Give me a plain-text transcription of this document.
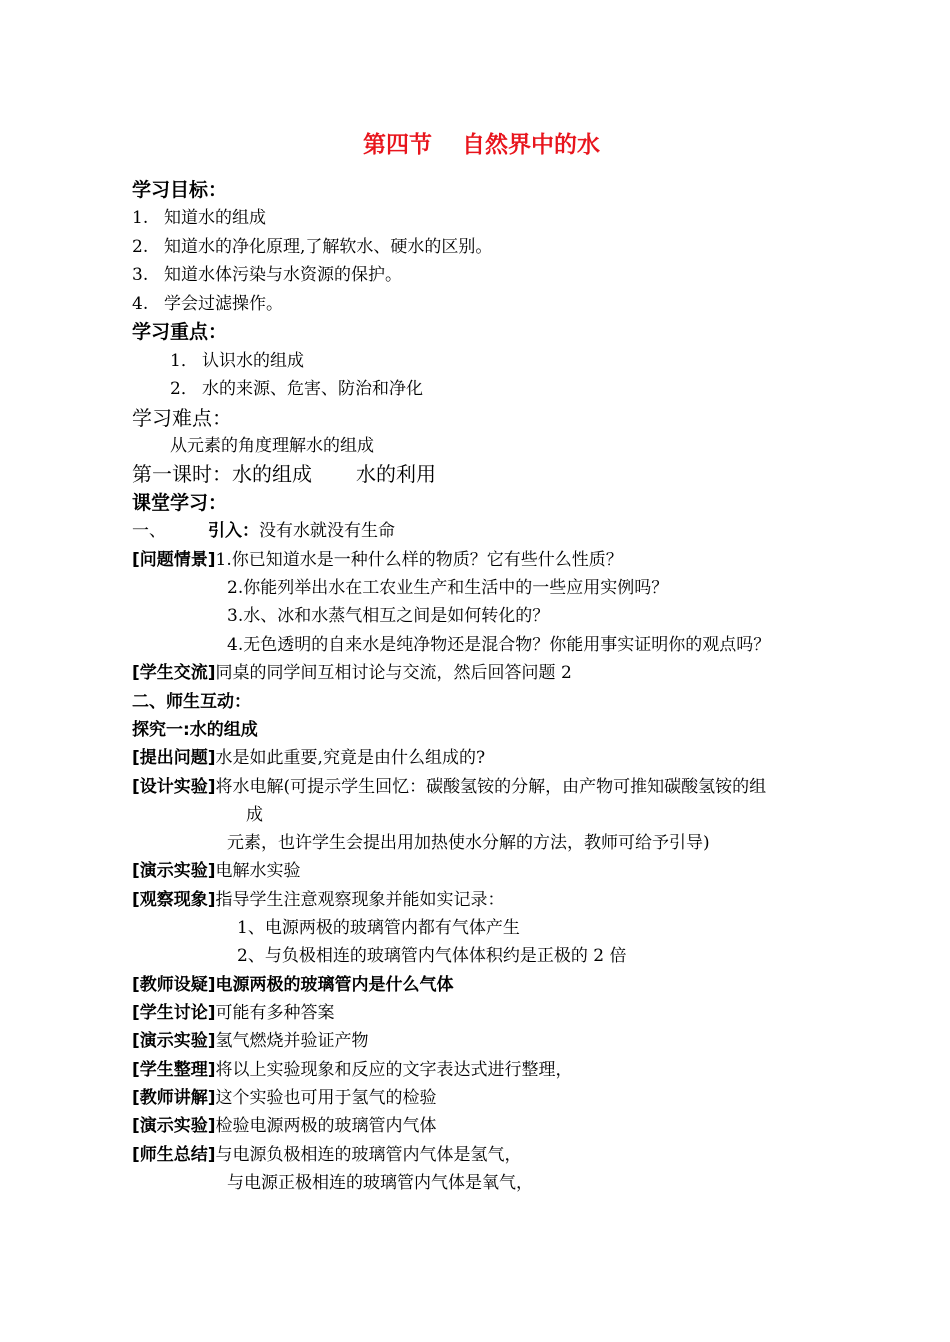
第四节 自然界中的水
学习目标：
1. 知道水的组成
2. 知道水的净化原理,了解软水、硬水的区别。
3. 知道水体污染与水资源的保护。
4. 学会过滤操作。
学习重点：
1． 认识水的组成
2． 水的来源、危害、防治和净化
学习难点：
从元素的角度理解水的组成
第一课时：水的组成 水的利用
课堂学习：
一、 引入：没有水就没有生命
[问题情景]1.你已知道水是一种什么样的物质？它有些什么性质？
2.你能列举出水在工农业生产和生活中的一些应用实例吗？
3.水、冰和水蒸气相互之间是如何转化的？
4.无色透明的自来水是纯净物还是混合物？你能用事实证明你的观点吗？
[学生交流]同桌的同学间互相讨论与交流，然后回答问题 2
二、师生互动：
探究一:水的组成
[提出问题]水是如此重要,究竟是由什么组成的?
[设计实验]将水电解(可提示学生回忆：碳酸氢铵的分解，由产物可推知碳酸氢铵的组
成
元素，也许学生会提出用加热使水分解的方法，教师可给予引导)
[演示实验]电解水实验
[观察现象]指导学生注意观察现象并能如实记录：
1、电源两极的玻璃管内都有气体产生
2、与负极相连的玻璃管内气体体积约是正极的 2 倍
[教师设疑]电源两极的玻璃管内是什么气体
[学生讨论]可能有多种答案
[演示实验]氢气燃烧并验证产物
[学生整理]将以上实验现象和反应的文字表达式进行整理，
[教师讲解]这个实验也可用于氢气的检验
[演示实验]检验电源两极的玻璃管内气体
[师生总结]与电源负极相连的玻璃管内气体是氢气，
与电源正极相连的玻璃管内气体是氧气，
